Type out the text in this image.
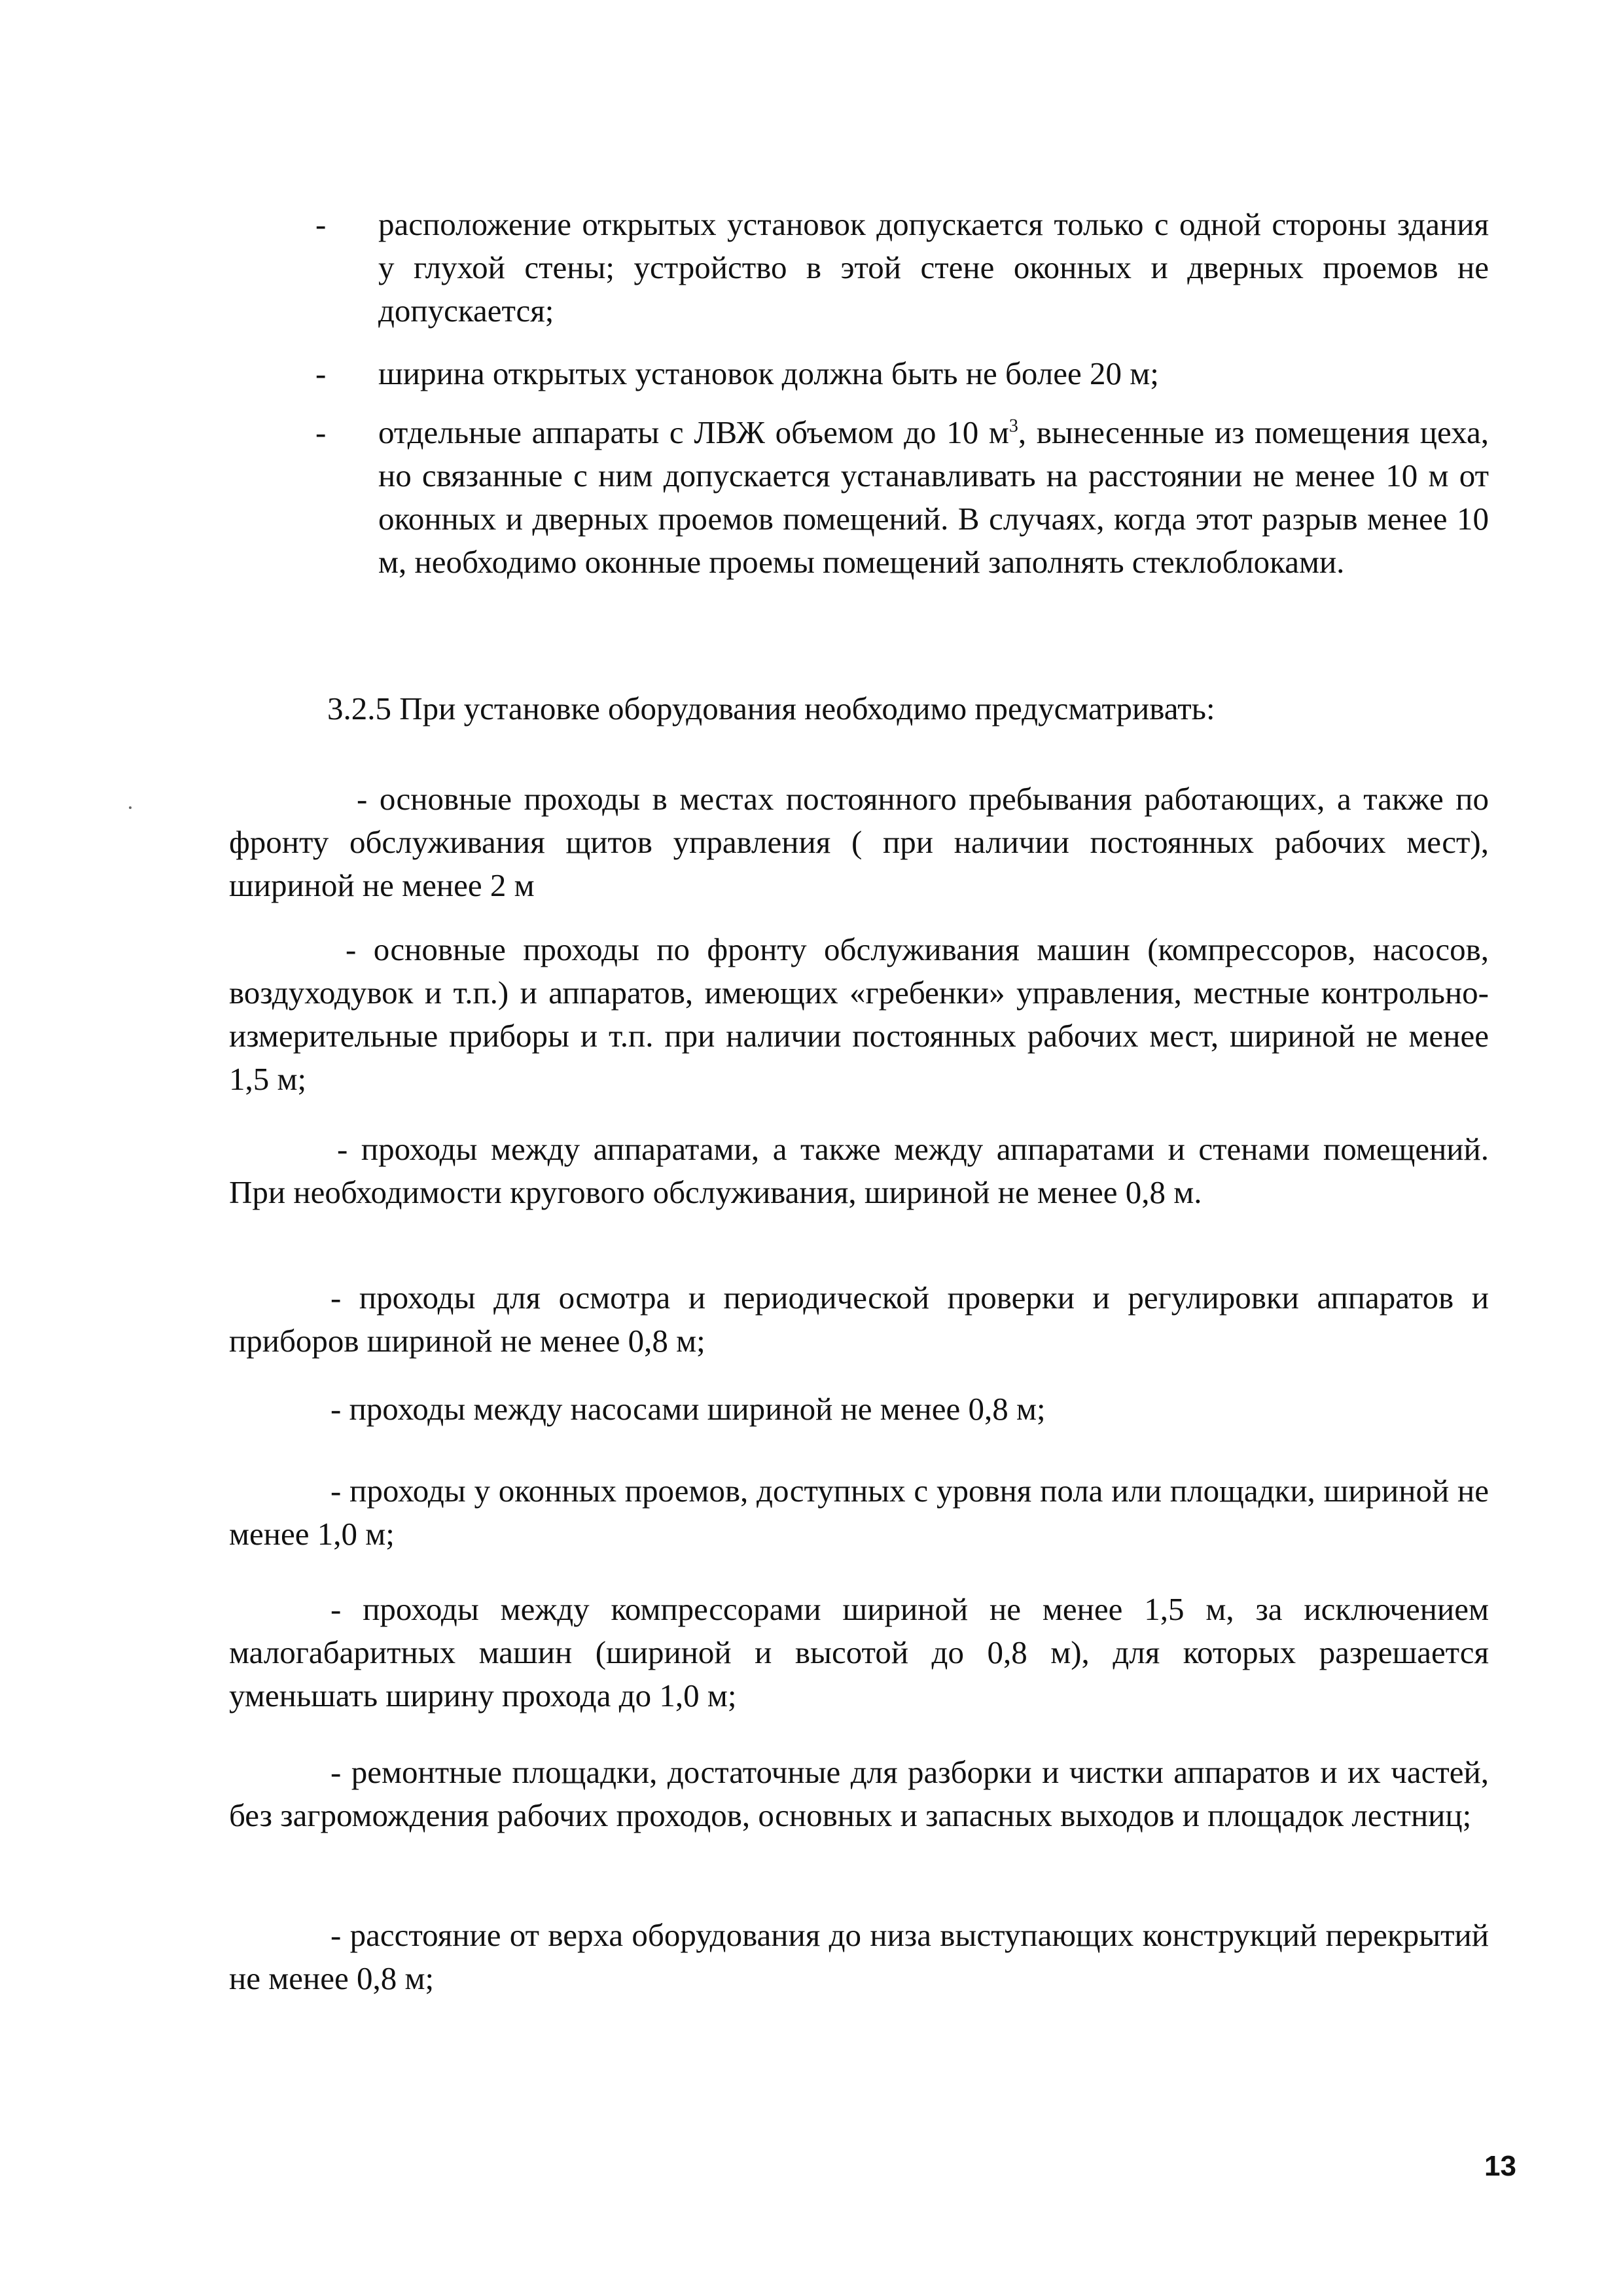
-	расположение открытых установок допускается только с одной стороны здания у глухой стены; устройство в этой стене оконных и дверных проемов не допускается;
-	ширина открытых установок должна быть не более 20 м;
-	отдельные аппараты с ЛВЖ объемом до 10 $м^3$, вынесенные из помещения цеха, но связанные с ним допускается устанавливать на расстоянии не менее 10 м от оконных и дверных проемов помещений. В случаях, когда этот разрыв менее 10 м, необходимо оконные проемы помещений заполнять стеклоблоками.

3.2.5 При установке оборудования необходимо предусматривать:

- основные проходы в местах постоянного пребывания работающих, а также по фронту обслуживания щитов управления ( при наличии постоянных рабочих мест), шириной не менее 2 м

- основные проходы по фронту обслуживания машин (компрессоров, насосов, воздуходувок и т.п.) и аппаратов, имеющих «гребенки» управления, местные контрольно-измерительные приборы и т.п. при наличии постоянных рабочих мест, шириной не менее 1,5 м;

- проходы между аппаратами, а также между аппаратами и стенами помещений. При необходимости кругового обслуживания, шириной не менее 0,8 м.

- проходы для осмотра и периодической проверки и регулировки аппаратов и приборов шириной не менее 0,8 м;

- проходы между насосами шириной не менее 0,8 м;

- проходы у оконных проемов, доступных с уровня пола или площадки, шириной не менее 1,0 м;

- проходы между компрессорами шириной не менее 1,5 м, за исключением малогабаритных машин (шириной и высотой до 0,8 м), для которых разрешается уменьшать ширину прохода до 1,0 м;

- ремонтные площадки, достаточные для разборки и чистки аппаратов и их частей, без загромождения рабочих проходов, основных и запасных выходов и площадок лестниц;

- расстояние от верха оборудования до низа выступающих конструкций перекрытий не менее 0,8 м;

13
